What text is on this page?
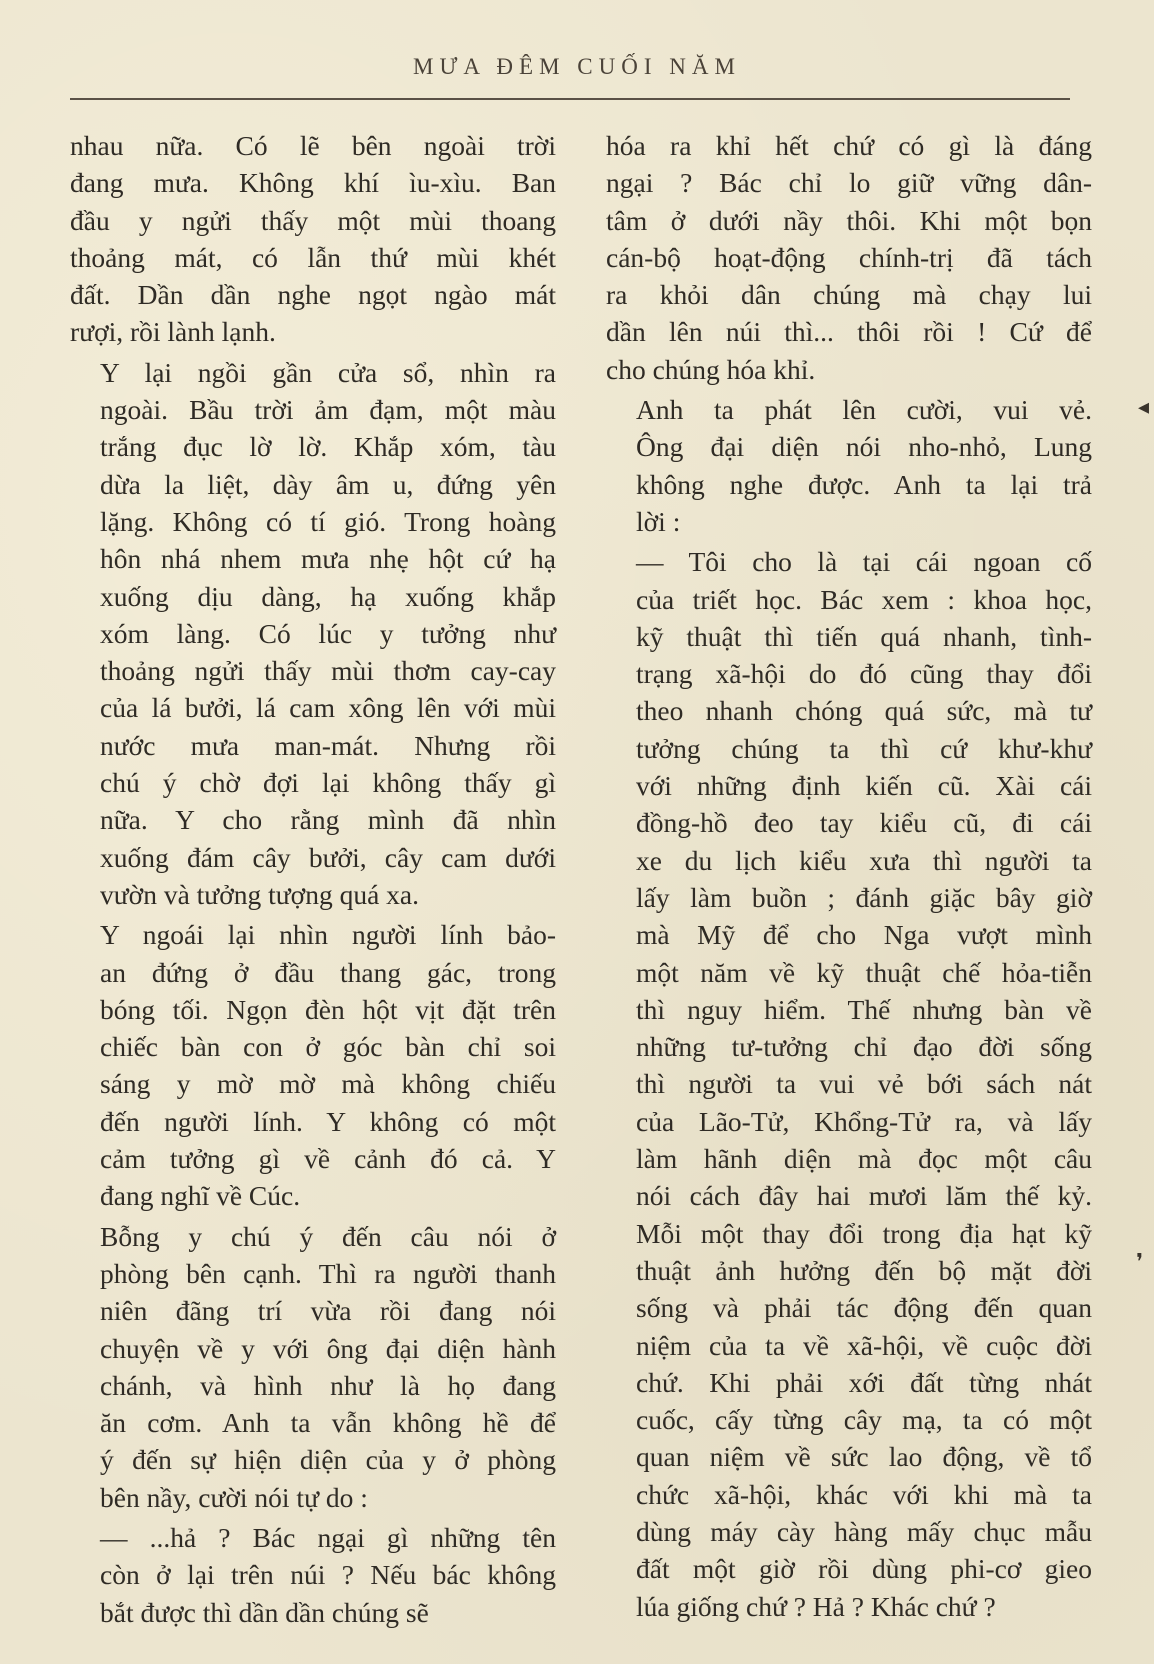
MƯA ĐÊM CUỐI NĂM
nhau nữa. Có lẽ bên ngoài trời
đang mưa. Không khí ìu-xìu. Ban
đầu y ngửi thấy một mùi thoang
thoảng mát, có lẫn thứ mùi khét
đất. Dần dần nghe ngọt ngào mát
rượi, rồi lành lạnh.
Y lại ngồi gần cửa sổ, nhìn ra
ngoài. Bầu trời ảm đạm, một màu
trắng đục lờ lờ. Khắp xóm, tàu
dừa la liệt, dày âm u, đứng yên
lặng. Không có tí gió. Trong hoàng
hôn nhá nhem mưa nhẹ hột cứ hạ
xuống dịu dàng, hạ xuống khắp
xóm làng. Có lúc y tưởng như
thoảng ngửi thấy mùi thơm cay-cay
của lá bưởi, lá cam xông lên với mùi
nước mưa man-mát. Nhưng rồi
chú ý chờ đợi lại không thấy gì
nữa. Y cho rằng mình đã nhìn
xuống đám cây bưởi, cây cam dưới
vườn và tưởng tượng quá xa.
Y ngoái lại nhìn người lính bảo-
an đứng ở đầu thang gác, trong
bóng tối. Ngọn đèn hột vịt đặt trên
chiếc bàn con ở góc bàn chỉ soi
sáng y mờ mờ mà không chiếu
đến người lính. Y không có một
cảm tưởng gì về cảnh đó cả. Y
đang nghĩ về Cúc.
Bỗng y chú ý đến câu nói ở
phòng bên cạnh. Thì ra người thanh
niên đãng trí vừa rồi đang nói
chuyện về y với ông đại diện hành
chánh, và hình như là họ đang
ăn cơm. Anh ta vẫn không hề để
ý đến sự hiện diện của y ở phòng
bên nầy, cười nói tự do :
— ...hả ? Bác ngại gì những tên
còn ở lại trên núi ? Nếu bác không
bắt được thì dần dần chúng sẽ
hóa ra khỉ hết chứ có gì là đáng
ngại ? Bác chỉ lo giữ vững dân-
tâm ở dưới nầy thôi. Khi một bọn
cán-bộ hoạt-động chính-trị đã tách
ra khỏi dân chúng mà chạy lui
dần lên núi thì... thôi rồi ! Cứ để
cho chúng hóa khỉ.
Anh ta phát lên cười, vui vẻ.
Ông đại diện nói nho-nhỏ, Lung
không nghe được. Anh ta lại trả
lời :
— Tôi cho là tại cái ngoan cố
của triết học. Bác xem : khoa học,
kỹ thuật thì tiến quá nhanh, tình-
trạng xã-hội do đó cũng thay đổi
theo nhanh chóng quá sức, mà tư
tưởng chúng ta thì cứ khư-khư
với những định kiến cũ. Xài cái
đồng-hồ đeo tay kiểu cũ, đi cái
xe du lịch kiểu xưa thì người ta
lấy làm buồn ; đánh giặc bây giờ
mà Mỹ để cho Nga vượt mình
một năm về kỹ thuật chế hỏa-tiễn
thì nguy hiểm. Thế nhưng bàn về
những tư-tưởng chỉ đạo đời sống
thì người ta vui vẻ bới sách nát
của Lão-Tử, Khổng-Tử ra, và lấy
làm hãnh diện mà đọc một câu
nói cách đây hai mươi lăm thế kỷ.
Mỗi một thay đổi trong địa hạt kỹ
thuật ảnh hưởng đến bộ mặt đời
sống và phải tác động đến quan
niệm của ta về xã-hội, về cuộc đời
chứ. Khi phải xới đất từng nhát
cuốc, cấy từng cây mạ, ta có một
quan niệm về sức lao động, về tổ
chức xã-hội, khác với khi mà ta
dùng máy cày hàng mấy chục mẫu
đất một giờ rồi dùng phi-cơ gieo
lúa giống chứ ? Hả ? Khác chứ ?
◂
❜
